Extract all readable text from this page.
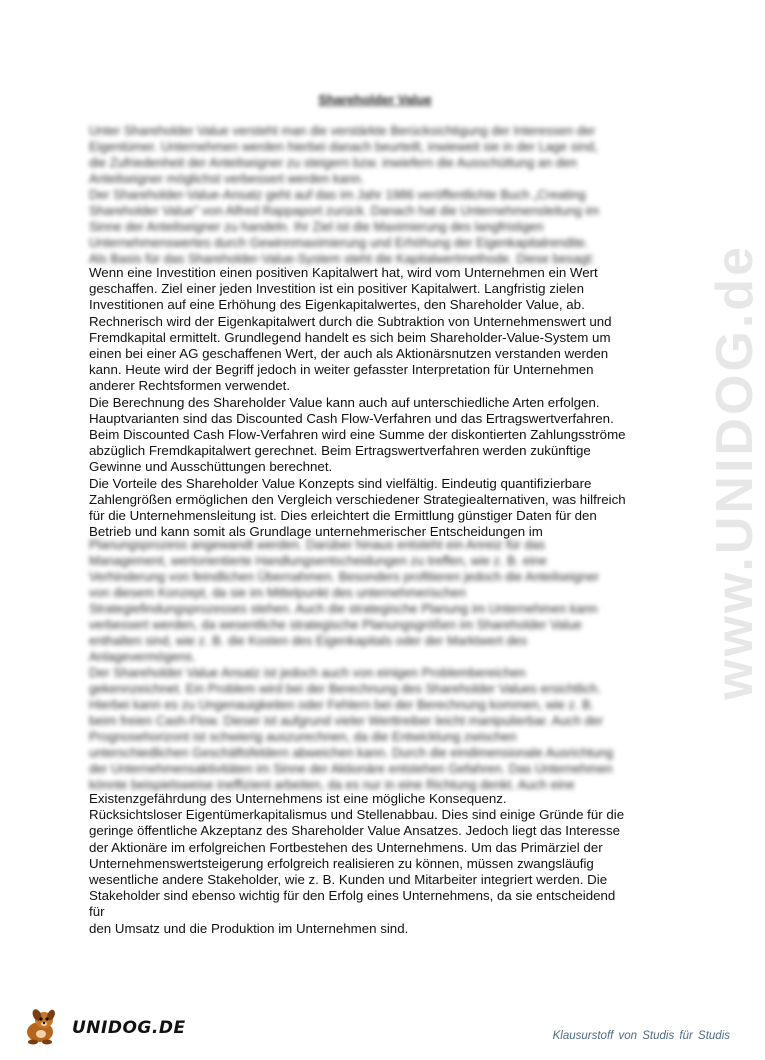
www.UNIDOG.de
Shareholder Value

Unter Shareholder Value versteht man die verstärkte Berücksichtigung der Interessen der

Eigentümer. Unternehmen werden hierbei danach beurteilt, inwieweit sie in der Lage sind,

die Zufriedenheit der Anteilseigner zu steigern bzw. inwiefern die Ausschüttung an den

Anteilseigner möglichst verbessert werden kann.

Der Shareholder-Value-Ansatz geht auf das im Jahr 1986 veröffentlichte Buch „Creating

Shareholder Value" von Alfred Rappaport zurück. Danach hat die Unternehmensleitung im

Sinne der Anteilseigner zu handeln. Ihr Ziel ist die Maximierung des langfristigen

Unternehmenswertes durch Gewinnmaximierung und Erhöhung der Eigenkapitalrendite.

Als Basis für das Shareholder-Value-System steht die Kapitalwertmethode. Diese besagt:

Wenn eine Investition einen positiven Kapitalwert hat, wird vom Unternehmen ein Wert

geschaffen. Ziel einer jeden Investition ist ein positiver Kapitalwert. Langfristig zielen

Investitionen auf eine Erhöhung des Eigenkapitalwertes, den Shareholder Value, ab.

Rechnerisch wird der Eigenkapitalwert durch die Subtraktion von Unternehmenswert und

Fremdkapital ermittelt. Grundlegend handelt es sich beim Shareholder-Value-System um

einen bei einer AG geschaffenen Wert, der auch als Aktionärsnutzen verstanden werden

kann. Heute wird der Begriff jedoch in weiter gefasster Interpretation für Unternehmen

anderer Rechtsformen verwendet.

Die Berechnung des Shareholder Value kann auch auf unterschiedliche Arten erfolgen.

Hauptvarianten sind das Discounted Cash Flow-Verfahren und das Ertragswertverfahren.

Beim Discounted Cash Flow-Verfahren wird eine Summe der diskontierten Zahlungsströme

abzüglich Fremdkapitalwert gerechnet. Beim Ertragswertverfahren werden zukünftige

Gewinne und Ausschüttungen berechnet.

Die Vorteile des Shareholder Value Konzepts sind vielfältig. Eindeutig quantifizierbare

Zahlengrößen ermöglichen den Vergleich verschiedener Strategiealternativen, was hilfreich

für die Unternehmensleitung ist. Dies erleichtert die Ermittlung günstiger Daten für den

Betrieb und kann somit als Grundlage unternehmerischer Entscheidungen im

Planungsprozess angewandt werden. Darüber hinaus entsteht ein Anreiz für das

Management, wertorientierte Handlungsentscheidungen zu treffen, wie z. B. eine

Verhinderung von feindlichen Übernahmen. Besonders profitieren jedoch die Anteilseigner

von diesem Konzept, da sie im Mittelpunkt des unternehmerischen

Strategiefindungsprozesses stehen. Auch die strategische Planung im Unternehmen kann

verbessert werden, da wesentliche strategische Planungsgrößen im Shareholder Value

enthalten sind, wie z. B. die Kosten des Eigenkapitals oder der Marktwert des

Anlagevermögens.

Der Shareholder Value Ansatz ist jedoch auch von einigen Problembereichen

gekennzeichnet. Ein Problem wird bei der Berechnung des Shareholder Values ersichtlich.

Hierbei kann es zu Ungenauigkeiten oder Fehlern bei der Berechnung kommen, wie z. B.

beim freien Cash-Flow. Dieser ist aufgrund vieler Werttreiber leicht manipulierbar. Auch der

Prognosehorizont ist schwierig auszurechnen, da die Entwicklung zwischen

unterschiedlichen Geschäftsfeldern abweichen kann. Durch die eindimensionale Ausrichtung

der Unternehmensaktivitäten im Sinne der Aktionäre entstehen Gefahren. Das Unternehmen

könnte beispielsweise ineffizient arbeiten, da es nur in eine Richtung denkt. Auch eine

Existenzgefährdung des Unternehmens ist eine mögliche Konsequenz.

Rücksichtsloser Eigentümerkapitalismus und Stellenabbau. Dies sind einige Gründe für die

geringe öffentliche Akzeptanz des Shareholder Value Ansatzes. Jedoch liegt das Interesse

der Aktionäre im erfolgreichen Fortbestehen des Unternehmens. Um das Primärziel der

Unternehmenswertsteigerung erfolgreich realisieren zu können, müssen zwangsläufig

wesentliche andere Stakeholder, wie z. B. Kunden und Mitarbeiter integriert werden. Die

Stakeholder sind ebenso wichtig für den Erfolg eines Unternehmens, da sie entscheidend für

den Umsatz und die Produktion im Unternehmen sind.

UNIDOG.DE	Klausurstoff von Studis für Studis
